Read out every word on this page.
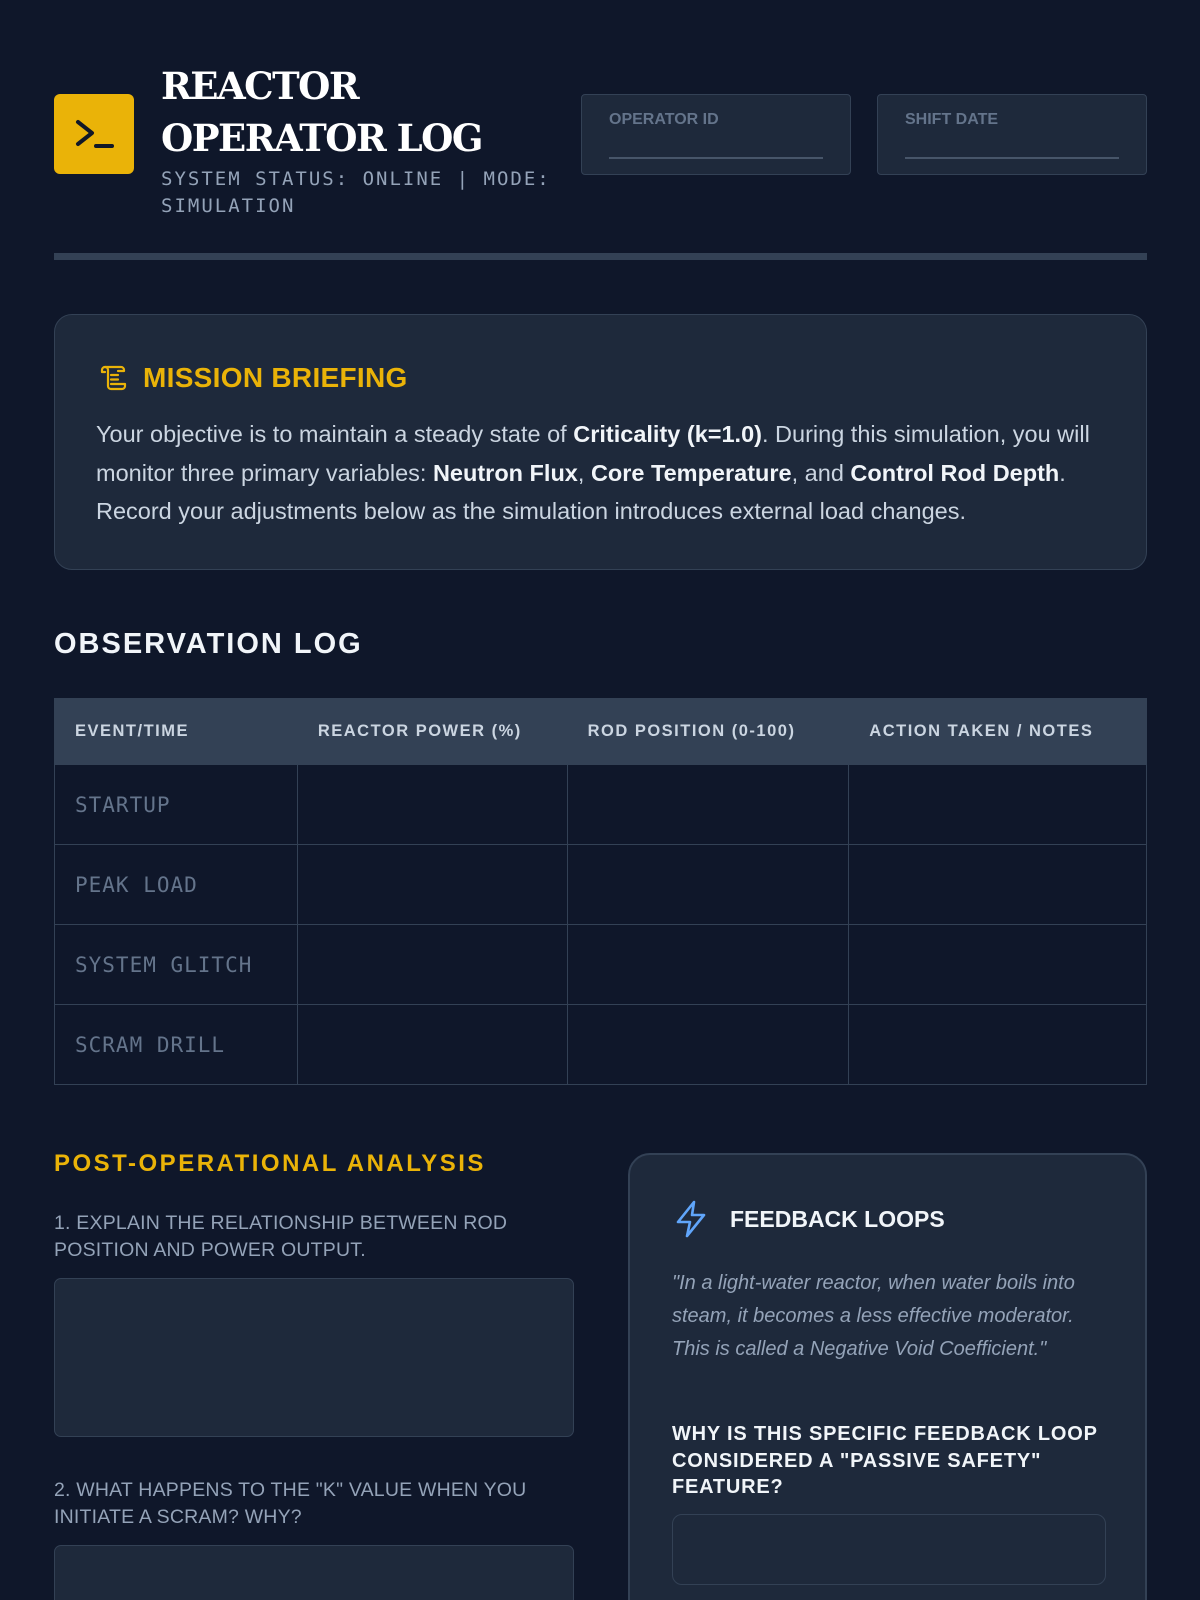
REACTOR OPERATOR LOG
SYSTEM STATUS: ONLINE | MODE: SIMULATION
OPERATOR ID	SHIFT DATE
MISSION BRIEFING

Your objective is to maintain a steady state of Criticality (k=1.0). During this simulation, you will monitor three primary variables: Neutron Flux, Core Temperature, and Control Rod Depth. Record your adjustments below as the simulation introduces external load changes.

OBSERVATION LOG
EVENT/TIME	REACTOR POWER (%)	ROD POSITION (0-100)	ACTION TAKEN / NOTES
STARTUP			
PEAK LOAD			
SYSTEM GLITCH			
SCRAM DRILL			
POST-OPERATIONAL ANALYSIS
1. EXPLAIN THE RELATIONSHIP BETWEEN ROD POSITION AND POWER OUTPUT.
2. WHAT HAPPENS TO THE "K" VALUE WHEN YOU INITIATE A SCRAM? WHY?
FEEDBACK LOOPS

"In a light-water reactor, when water boils into steam, it becomes a less effective moderator. This is called a Negative Void Coefficient."

WHY IS THIS SPECIFIC FEEDBACK LOOP CONSIDERED A "PASSIVE SAFETY" FEATURE?
